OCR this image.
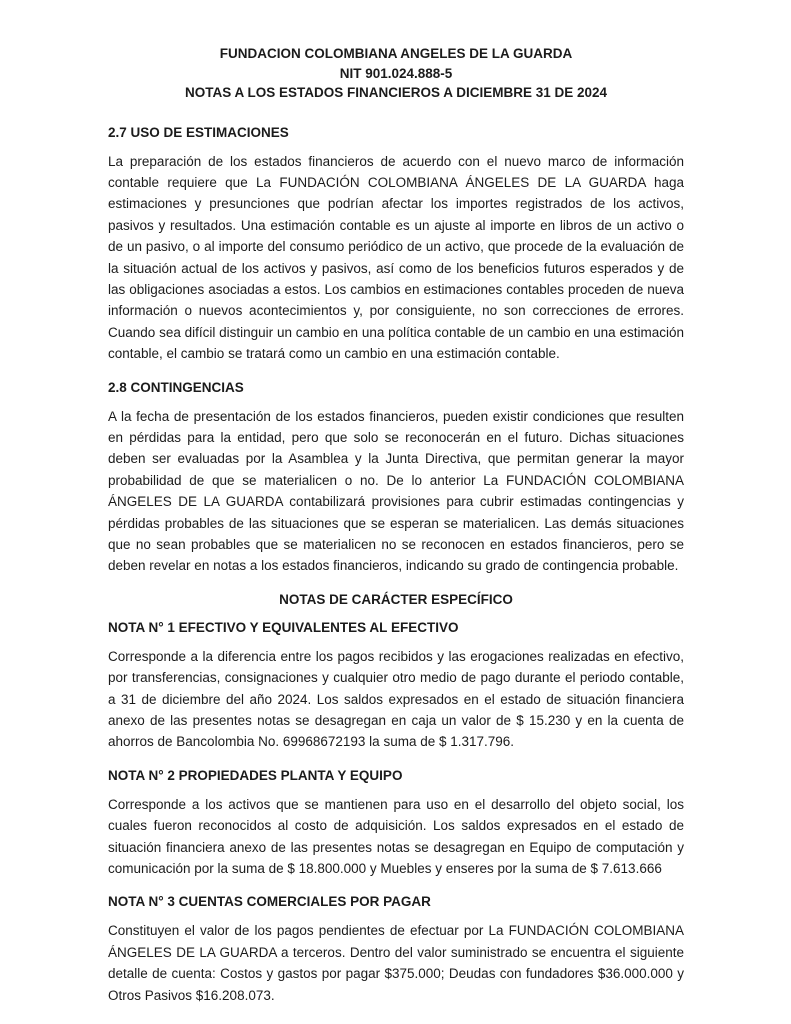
FUNDACION COLOMBIANA ANGELES DE LA GUARDA
NIT 901.024.888-5
NOTAS A LOS ESTADOS FINANCIEROS A DICIEMBRE 31 DE 2024

2.7 USO DE ESTIMACIONES

La preparación de los estados financieros de acuerdo con el nuevo marco de información contable requiere que La FUNDACIÓN COLOMBIANA ÁNGELES DE LA GUARDA haga estimaciones y presunciones que podrían afectar los importes registrados de los activos, pasivos y resultados. Una estimación contable es un ajuste al importe en libros de un activo o de un pasivo, o al importe del consumo periódico de un activo, que procede de la evaluación de la situación actual de los activos y pasivos, así como de los beneficios futuros esperados y de las obligaciones asociadas a estos. Los cambios en estimaciones contables proceden de nueva información o nuevos acontecimientos y, por consiguiente, no son correcciones de errores. Cuando sea difícil distinguir un cambio en una política contable de un cambio en una estimación contable, el cambio se tratará como un cambio en una estimación contable.

2.8 CONTINGENCIAS

A la fecha de presentación de los estados financieros, pueden existir condiciones que resulten en pérdidas para la entidad, pero que solo se reconocerán en el futuro. Dichas situaciones deben ser evaluadas por la Asamblea y la Junta Directiva, que permitan generar la mayor probabilidad de que se materialicen o no. De lo anterior La FUNDACIÓN COLOMBIANA ÁNGELES DE LA GUARDA contabilizará provisiones para cubrir estimadas contingencias y pérdidas probables de las situaciones que se esperan se materialicen. Las demás situaciones que no sean probables que se materialicen no se reconocen en estados financieros, pero se deben revelar en notas a los estados financieros, indicando su grado de contingencia probable.

NOTAS DE CARÁCTER ESPECÍFICO

NOTA N° 1 EFECTIVO Y EQUIVALENTES AL EFECTIVO

Corresponde a la diferencia entre los pagos recibidos y las erogaciones realizadas en efectivo, por transferencias, consignaciones y cualquier otro medio de pago durante el periodo contable, a 31 de diciembre del año 2024. Los saldos expresados en el estado de situación financiera anexo de las presentes notas se desagregan en caja un valor de $ 15.230 y en la cuenta de ahorros de Bancolombia No. 69968672193 la suma de $ 1.317.796.

NOTA N° 2 PROPIEDADES PLANTA Y EQUIPO

Corresponde a los activos que se mantienen para uso en el desarrollo del objeto social, los cuales fueron reconocidos al costo de adquisición. Los saldos expresados en el estado de situación financiera anexo de las presentes notas se desagregan en Equipo de computación y comunicación por la suma de $ 18.800.000 y Muebles y enseres por la suma de $ 7.613.666

NOTA N° 3 CUENTAS COMERCIALES POR PAGAR

Constituyen el valor de los pagos pendientes de efectuar por La FUNDACIÓN COLOMBIANA ÁNGELES DE LA GUARDA a terceros. Dentro del valor suministrado se encuentra el siguiente detalle de cuenta: Costos y gastos por pagar $375.000; Deudas con fundadores $36.000.000 y Otros Pasivos $16.208.073.
